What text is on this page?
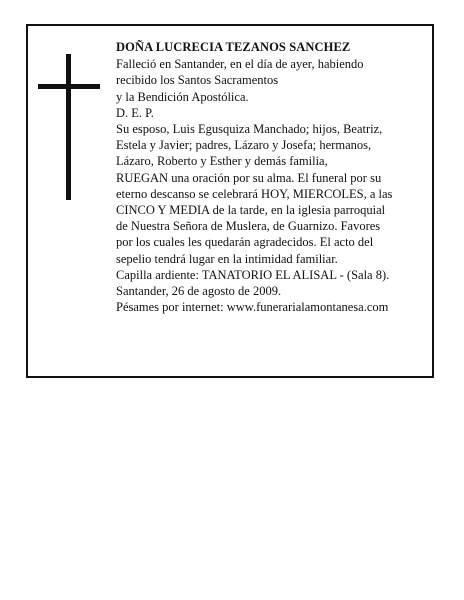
DOÑA LUCRECIA TEZANOS SANCHEZ
Falleció en Santander, en el día de ayer, habiendo
recibido los Santos Sacramentos
y la Bendición Apostólica.
D. E. P.
Su esposo, Luis Egusquiza Manchado; hijos, Beatriz,
Estela y Javier; padres, Lázaro y Josefa; hermanos,
Lázaro, Roberto y Esther y demás familia,
RUEGAN una oración por su alma. El funeral por su
eterno descanso se celebrará HOY, MIERCOLES, a las
CINCO Y MEDIA de la tarde, en la iglesia parroquial
de Nuestra Señora de Muslera, de Guarnizo. Favores
por los cuales les quedarán agradecidos. El acto del
sepelio tendrá lugar en la intimidad familiar.
Capilla ardiente: TANATORIO EL ALISAL - (Sala 8).
Santander, 26 de agosto de 2009.
Pésames por internet: www.funerarialamontanesa.com
